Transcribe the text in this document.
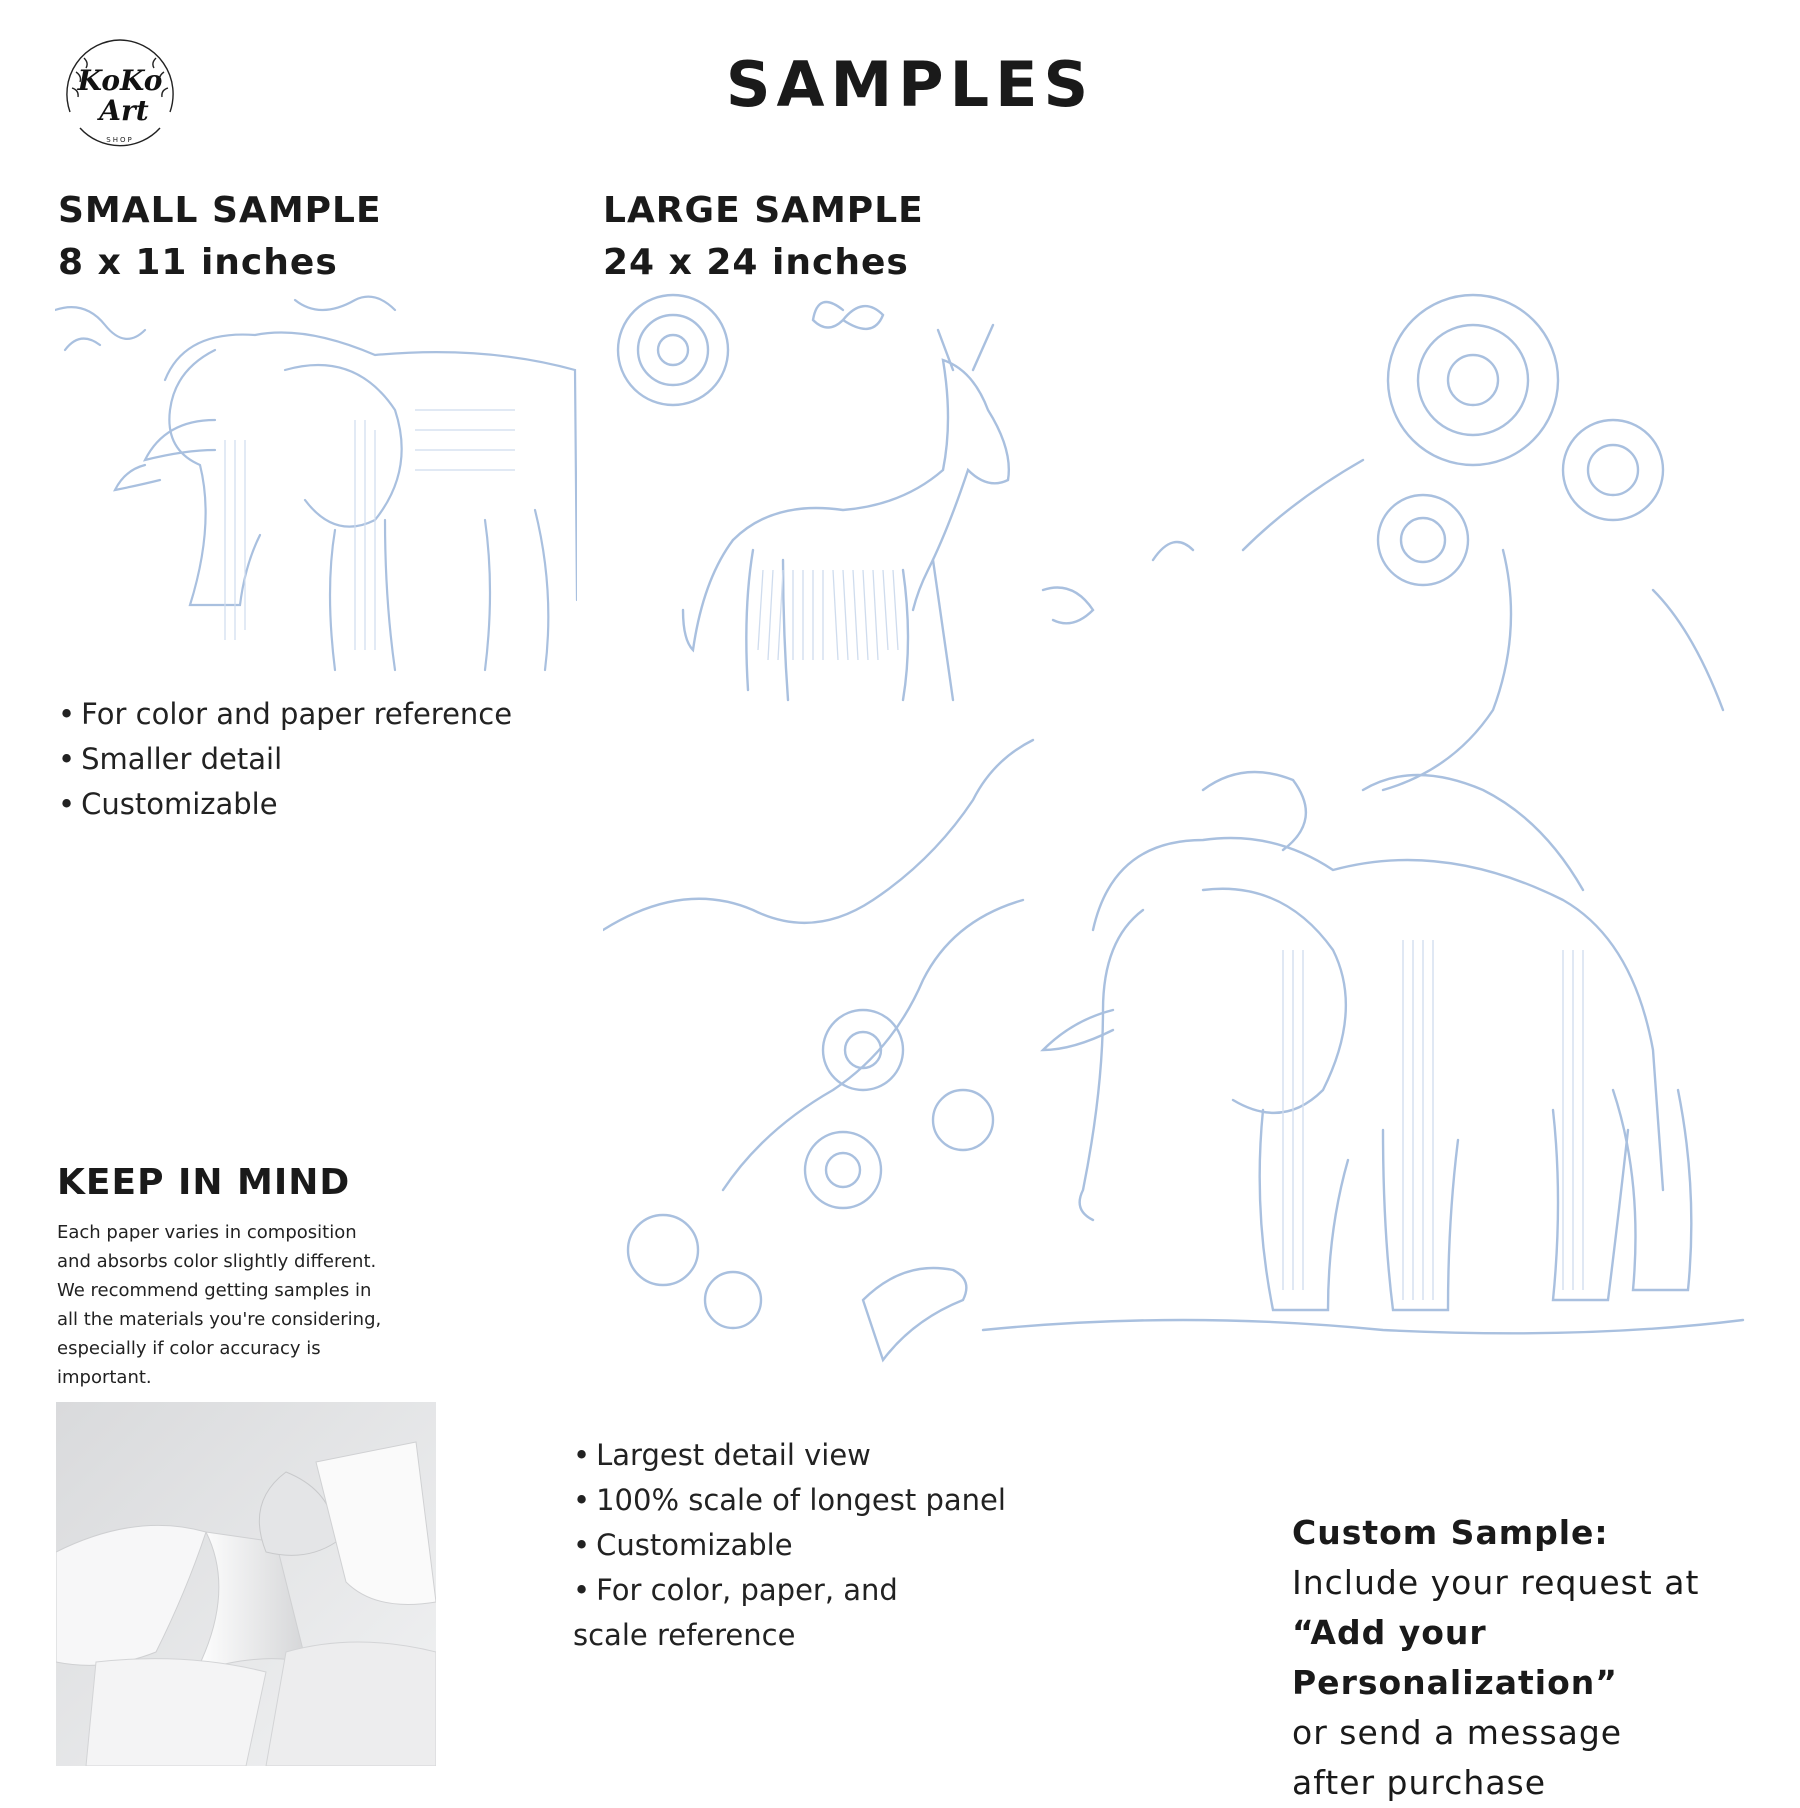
KoKo
Art
SHOP
SAMPLES
SMALL SAMPLE
8 x 11 inches
LARGE SAMPLE
24 x 24 inches
• For color and paper reference
• Smaller detail
• Customizable
• Largest detail view
• 100% scale of longest panel
• Customizable
• For color, paper, and
scale reference
KEEP IN MIND

Each paper varies in composition
and absorbs color slightly different.
We recommend getting samples in
all the materials you're considering,
especially if color accuracy is
important.

Custom Sample:
Include your request at
“Add your Personalization”
or send a message
after purchase
